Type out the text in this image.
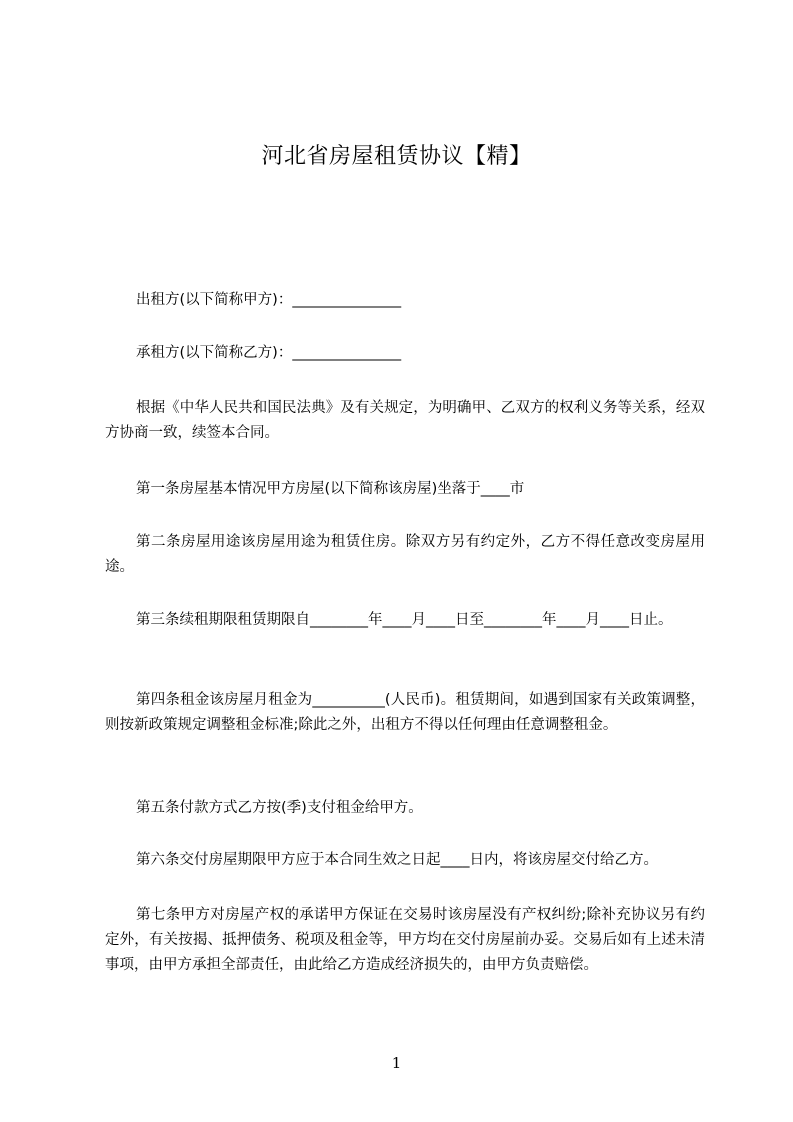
河北省房屋租赁协议【精】
出租方(以下简称甲方)：_______________
承租方(以下简称乙方)：_______________
根据《中华人民共和国民法典》及有关规定，为明确甲、乙双方的权利义务等关系，经双方协商一致，续签本合同。
第一条房屋基本情况甲方房屋(以下简称该房屋)坐落于____市
第二条房屋用途该房屋用途为租赁住房。除双方另有约定外，乙方不得任意改变房屋用途。
第三条续租期限租赁期限自________年____月____日至________年____月____日止。
第四条租金该房屋月租金为__________(人民币)。租赁期间，如遇到国家有关政策调整，则按新政策规定调整租金标准;除此之外，出租方不得以任何理由任意调整租金。
第五条付款方式乙方按(季)支付租金给甲方。
第六条交付房屋期限甲方应于本合同生效之日起____日内，将该房屋交付给乙方。
第七条甲方对房屋产权的承诺甲方保证在交易时该房屋没有产权纠纷;除补充协议另有约定外，有关按揭、抵押债务、税项及租金等，甲方均在交付房屋前办妥。交易后如有上述未清事项，由甲方承担全部责任，由此给乙方造成经济损失的，由甲方负责赔偿。
1
